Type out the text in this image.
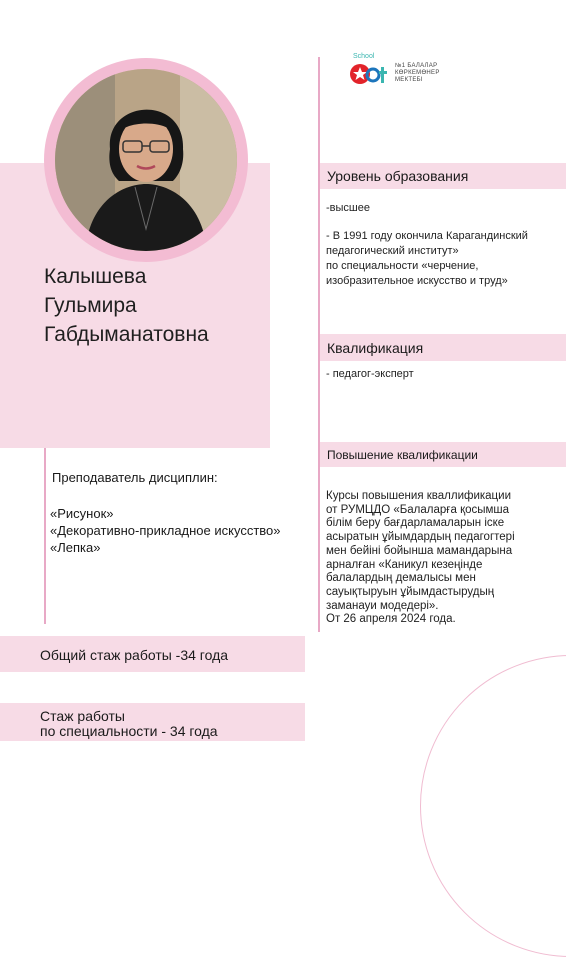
School
№1 БАЛАЛАР
КӨРКЕМӨНЕР
МЕКТЕБІ
Калышева
Гульмира
Габдыманатовна
Преподаватель дисциплин:
«Рисунок»
«Декоративно-прикладное искусство»
«Лепка»
Общий стаж работы -34 года
Стаж работы
по специальности - 34 года
Уровень образования
-высшее
- В 1991 году окончила Карагандинский
педагогический институт»
по специальности «черчение,
изобразительное искусство и труд»
Квалификация
- педагог-эксперт
Повышение квалификации
Курсы повышения кваллификации
от РУМЦДО «Балаларға қосымша
білім беру бағдарламаларын іске
асыратын ұйымдардың педагогтері
мен бейіні бойынша мамандарына
арналған «Каникул кезеңінде
балалардың демалысы мен
сауықтыруын ұйымдастырудың
заманауи модедері».
От 26 апреля 2024 года.
